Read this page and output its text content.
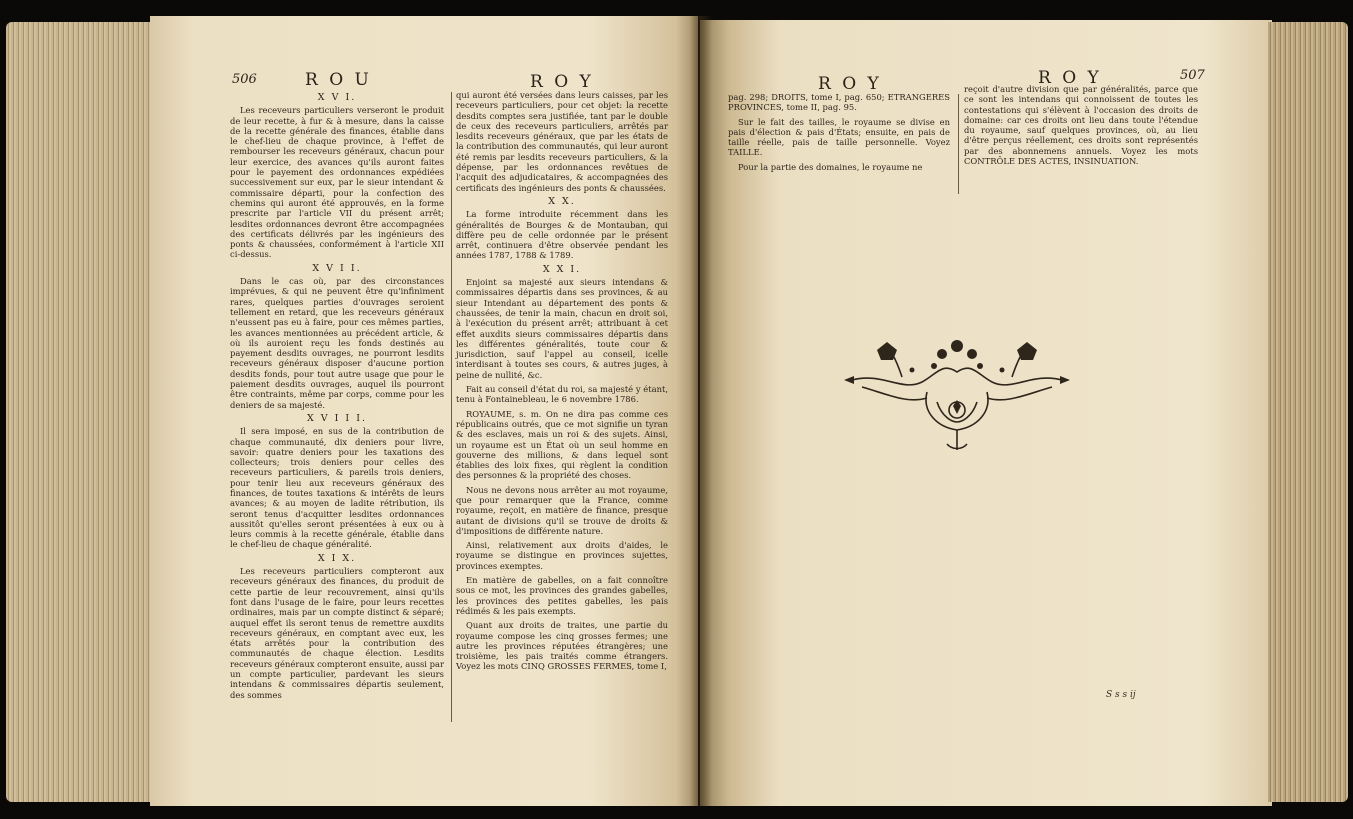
506	R O U	R O Y
X V I.

Les receveurs particuliers verseront le produit de leur recette, à fur & à mesure, dans la caisse de la recette générale des finances, établie dans le chef-lieu de chaque province, à l'effet de rembourser les receveurs généraux, chacun pour leur exercice, des avances qu'ils auront faites pour le payement des ordonnances expédiées successivement sur eux, par le sieur intendant & commissaire départi, pour la confection des chemins qui auront été approuvés, en la forme prescrite par l'article VII du présent arrêt; lesdites ordonnances devront être accompagnées des certificats délivrés par les ingénieurs des ponts & chaussées, conformément à l'article XII ci-dessus.

X V I I.

Dans le cas où, par des circonstances imprévues, & qui ne peuvent être qu'infiniment rares, quelques parties d'ouvrages seroient tellement en retard, que les receveurs généraux n'eussent pas eu à faire, pour ces mêmes parties, les avances mentionnées au précédent article, & où ils auroient reçu les fonds destinés au payement desdits ouvrages, ne pourront lesdits receveurs généraux disposer d'aucune portion desdits fonds, pour tout autre usage que pour le paiement desdits ouvrages, auquel ils pourront être contraints, même par corps, comme pour les deniers de sa majesté.

X V I I I.

Il sera imposé, en sus de la contribution de chaque communauté, dix deniers pour livre, savoir: quatre deniers pour les taxations des collecteurs; trois deniers pour celles des receveurs particuliers, & pareils trois deniers, pour tenir lieu aux receveurs généraux des finances, de toutes taxations & intérêts de leurs avances; & au moyen de ladite rétribution, ils seront tenus d'acquitter lesdites ordonnances aussitôt qu'elles seront présentées à eux ou à leurs commis à la recette générale, établie dans le chef-lieu de chaque généralité.

X I X.

Les receveurs particuliers compteront aux receveurs généraux des finances, du produit de cette partie de leur recouvrement, ainsi qu'ils font dans l'usage de le faire, pour leurs recettes ordinaires, mais par un compte distinct & séparé; auquel effet ils seront tenus de remettre auxdits receveurs généraux, en comptant avec eux, les états arrêtés pour la contribution des communautés de chaque élection. Lesdits receveurs généraux compteront ensuite, aussi par un compte particulier, pardevant les sieurs intendans & commissaires départis seulement, des sommes

qui auront été versées dans leurs caisses, par les receveurs particuliers, pour cet objet: la recette desdits comptes sera justifiée, tant par le double de ceux des receveurs particuliers, arrêtés par lesdits receveurs généraux, que par les états de la contribution des communautés, qui leur auront été remis par lesdits receveurs particuliers, & la dépense, par les ordonnances revêtues de l'acquit des adjudicataires, & accompagnées des certificats des ingénieurs des ponts & chaussées.

X X.

La forme introduite récemment dans les généralités de Bourges & de Montauban, qui diffère peu de celle ordonnée par le présent arrêt, continuera d'être observée pendant les années 1787, 1788 & 1789.

X X I.

Enjoint sa majesté aux sieurs intendans & commissaires départis dans ses provinces, & au sieur Intendant au département des ponts & chaussées, de tenir la main, chacun en droit soi, à l'exécution du présent arrêt; attribuant à cet effet auxdits sieurs commissaires départis dans les différentes généralités, toute cour & jurisdiction, sauf l'appel au conseil, icelle interdisant à toutes ses cours, & autres juges, à peine de nullité, &c.

Fait au conseil d'état du roi, sa majesté y étant, tenu à Fontainebleau, le 6 novembre 1786.

ROYAUME, s. m. On ne dira pas comme ces républicains outrés, que ce mot signifie un tyran & des esclaves, mais un roi & des sujets. Ainsi, un royaume est un État où un seul homme en gouverne des millions, & dans lequel sont établies des loix fixes, qui règlent la condition des personnes & la propriété des choses.

Nous ne devons nous arrêter au mot royaume, que pour remarquer que la France, comme royaume, reçoit, en matière de finance, presque autant de divisions qu'il se trouve de droits & d'impositions de différente nature.

Ainsi, relativement aux droits d'aides, le royaume se distingue en provinces sujettes, provinces exemptes.

En matière de gabelles, on a fait connoître sous ce mot, les provinces des grandes gabelles, les provinces des petites gabelles, les pais rédimés & les pais exempts.

Quant aux droits de traites, une partie du royaume compose les cinq grosses fermes; une autre les provinces réputées étrangères; une troisième, les pais traités comme étrangers. Voyez les mots CINQ GROSSES FERMES, tome I,

R O Y	R O Y	507

pag. 298; DROITS, tome I, pag. 650; ETRANGERES PROVINCES, tome II, pag. 95.

Sur le fait des tailles, le royaume se divise en pais d'élection & pais d'États; ensuite, en pais de taille réelle, pais de taille personnelle. Voyez TAILLE.

Pour la partie des domaines, le royaume ne

reçoit d'autre division que par généralités, parce que ce sont les intendans qui connoissent de toutes les contestations qui s'élèvent à l'occasion des droits de domaine: car ces droits ont lieu dans toute l'étendue du royaume, sauf quelques provinces, où, au lieu d'être perçus réellement, ces droits sont représentés par des abonnemens annuels. Voyez les mots CONTRÔLE DES ACTES, INSINUATION.

S s s ij
